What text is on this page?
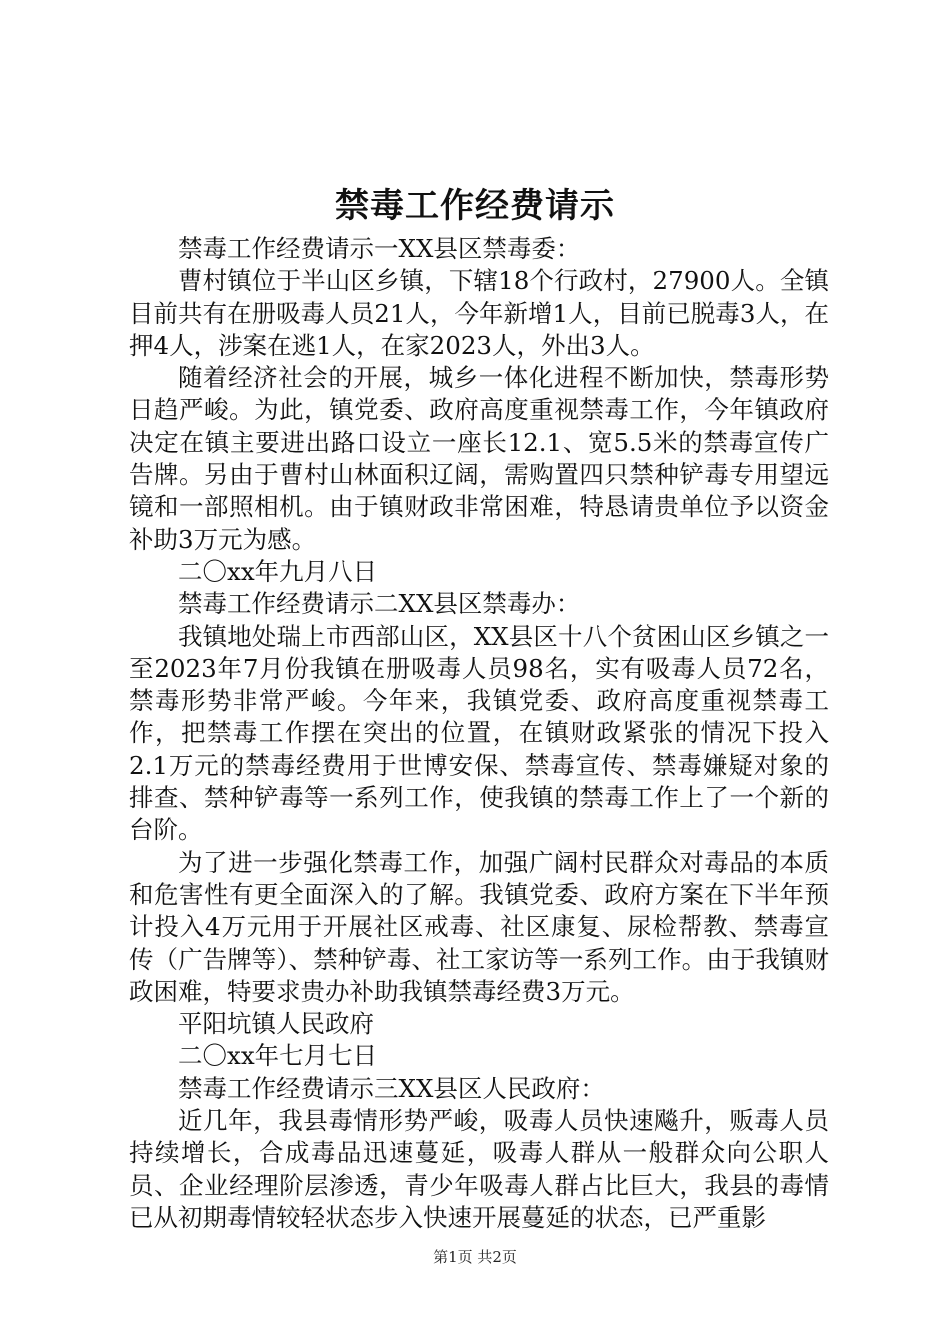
禁毒工作经费请示

禁毒工作经费请示一XX县区禁毒委：

曹村镇位于半山区乡镇，下辖18个行政村，27900人。全镇目前共有在册吸毒人员21人，今年新增1人，目前已脱毒3人，在押4人，涉案在逃1人，在家2023人，外出3人。

随着经济社会的开展，城乡一体化进程不断加快，禁毒形势日趋严峻。为此，镇党委、政府高度重视禁毒工作，今年镇政府决定在镇主要进出路口设立一座长12.1、宽5.5米的禁毒宣传广告牌。另由于曹村山林面积辽阔，需购置四只禁种铲毒专用望远镜和一部照相机。由于镇财政非常困难，特恳请贵单位予以资金补助3万元为感。

二〇xx年九月八日

禁毒工作经费请示二XX县区禁毒办：

我镇地处瑞上市西部山区，XX县区十八个贫困山区乡镇之一至2023年7月份我镇在册吸毒人员98名，实有吸毒人员72名，禁毒形势非常严峻。今年来，我镇党委、政府高度重视禁毒工作，把禁毒工作摆在突出的位置，在镇财政紧张的情况下投入2.1万元的禁毒经费用于世博安保、禁毒宣传、禁毒嫌疑对象的排查、禁种铲毒等一系列工作，使我镇的禁毒工作上了一个新的台阶。

为了进一步强化禁毒工作，加强广阔村民群众对毒品的本质和危害性有更全面深入的了解。我镇党委、政府方案在下半年预计投入4万元用于开展社区戒毒、社区康复、尿检帮教、禁毒宣传（广告牌等）、禁种铲毒、社工家访等一系列工作。由于我镇财政困难，特要求贵办补助我镇禁毒经费3万元。

平阳坑镇人民政府

二〇xx年七月七日

禁毒工作经费请示三XX县区人民政府：

近几年，我县毒情形势严峻，吸毒人员快速飚升，贩毒人员持续增长，合成毒品迅速蔓延，吸毒人群从一般群众向公职人员、企业经理阶层渗透，青少年吸毒人群占比巨大，我县的毒情已从初期毒情较轻状态步入快速开展蔓延的状态，已严重影

第1页 共2页
